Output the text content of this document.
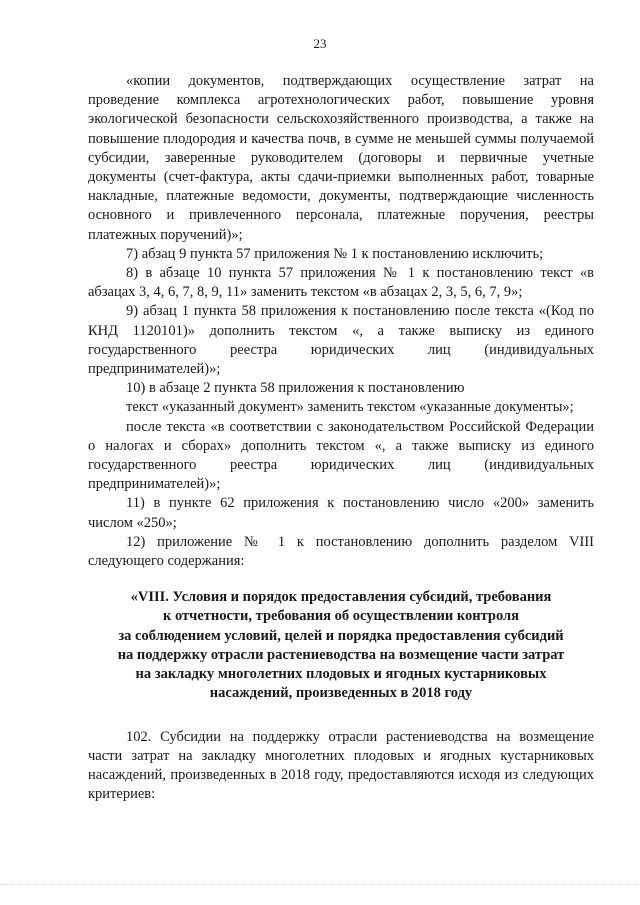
23

«копии документов, подтверждающих осуществление затрат на проведение комплекса агротехнологических работ, повышение уровня экологической безопасности сельскохозяйственного производства, а также на повышение плодородия и качества почв, в сумме не меньшей суммы получаемой субсидии, заверенные руководителем (договоры и первичные учетные документы (счет-фактура, акты сдачи-приемки выполненных работ, товарные накладные, платежные ведомости, документы, подтверждающие численность основного и привлеченного персонала, платежные поручения, реестры платежных поручений)»;

7) абзац 9 пункта 57 приложения № 1 к постановлению исключить;

8) в абзаце 10 пункта 57 приложения № 1 к постановлению текст «в абзацах 3, 4, 6, 7, 8, 9, 11» заменить текстом «в абзацах 2, 3, 5, 6, 7, 9»;

9) абзац 1 пункта 58 приложения к постановлению после текста «(Код по КНД 1120101)» дополнить текстом «, а также выписку из единого государственного реестра юридических лиц (индивидуальных предпринимателей)»;

10) в абзаце 2 пункта 58 приложения к постановлению

текст «указанный документ» заменить текстом «указанные документы»;

после текста «в соответствии с законодательством Российской Федерации о налогах и сборах» дополнить текстом «, а также выписку из единого государственного реестра юридических лиц (индивидуальных предпринимателей)»;

11) в пункте 62 приложения к постановлению число «200» заменить числом «250»;

12) приложение № 1 к постановлению дополнить разделом VIII следующего содержания:

«VIII. Условия и порядок предоставления субсидий, требования
к отчетности, требования об осуществлении контроля
за соблюдением условий, целей и порядка предоставления субсидий
на поддержку отрасли растениеводства на возмещение части затрат
на закладку многолетних плодовых и ягодных кустарниковых
насаждений, произведенных в 2018 году

102. Субсидии на поддержку отрасли растениеводства на возмещение части затрат на закладку многолетних плодовых и ягодных кустарниковых насаждений, произведенных в 2018 году, предоставляются исходя из следующих критериев:
